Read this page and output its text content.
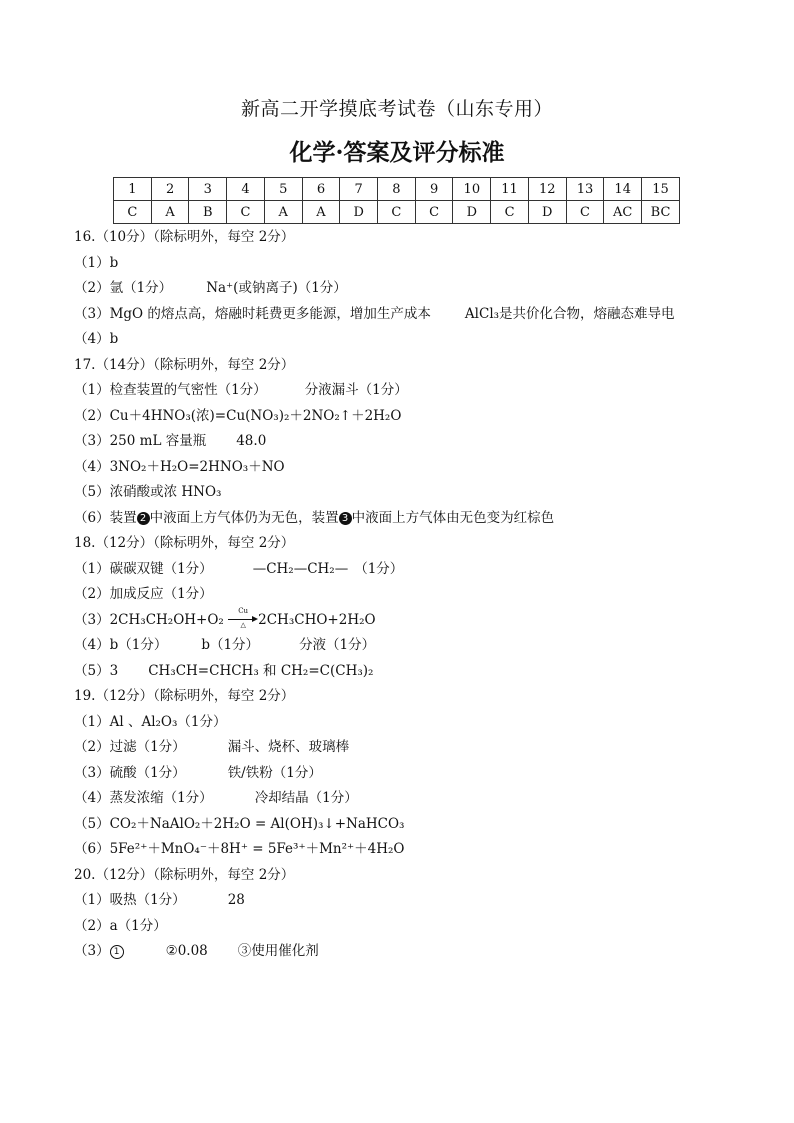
新高二开学摸底考试卷（山东专用）
化学·答案及评分标准
1	2	3	4	5	6	7	8	9	10	11	12	13	14	15
C	A	B	C	A	A	D	C	C	D	C	D	C	AC	BC
16.（10分）（除标明外，每空 2分）
（1）b
（2）氩（1分）	Na⁺(或钠离子)（1分）
（3）MgO 的熔点高，熔融时耗费更多能源，增加生产成本	AlCl₃是共价化合物，熔融态难导电
（4）b
17.（14分）（除标明外，每空 2分）
（1）检查装置的气密性（1分）	分液漏斗（1分）
（2）Cu＋4HNO₃(浓)=Cu(NO₃)₂＋2NO₂↑＋2H₂O
（3）250 mL 容量瓶 48.0
（4）3NO₂＋H₂O=2HNO₃＋NO
（5）浓硝酸或浓 HNO₃
（6）装置 2 中液面上方气体仍为无色，装置 3 中液面上方气体由无色变为红棕色
18.（12分）（除标明外，每空 2分）
（1）碳碳双键（1分）	—CH₂—CH₂— （1分）
（2）加成反应（1分）
（3）2CH₃CH₂OH+O₂
Cu
△ 2CH₃CHO+2H₂O
（4）b（1分）	b（1分）	分液（1分）
（5）3 CH₃CH=CHCH₃ 和 CH₂=C(CH₃)₂
19.（12分）（除标明外，每空 2分）
（1）Al 、Al₂O₃（1分）
（2）过滤（1分）	漏斗、烧杯、玻璃棒
（3）硫酸（1分）	铁/铁粉（1分）
（4）蒸发浓缩（1分）	冷却结晶（1分）
（5）CO₂＋NaAlO₂＋2H₂O = Al(OH)₃↓+NaHCO₃
（6）5Fe²⁺＋MnO₄⁻＋8H⁺ = 5Fe³⁺＋Mn²⁺＋4H₂O
20.（12分）（除标明外，每空 2分）
（1）吸热（1分）	28
（2）a（1分）
（3） 1	②0.08 ③使用催化剂
